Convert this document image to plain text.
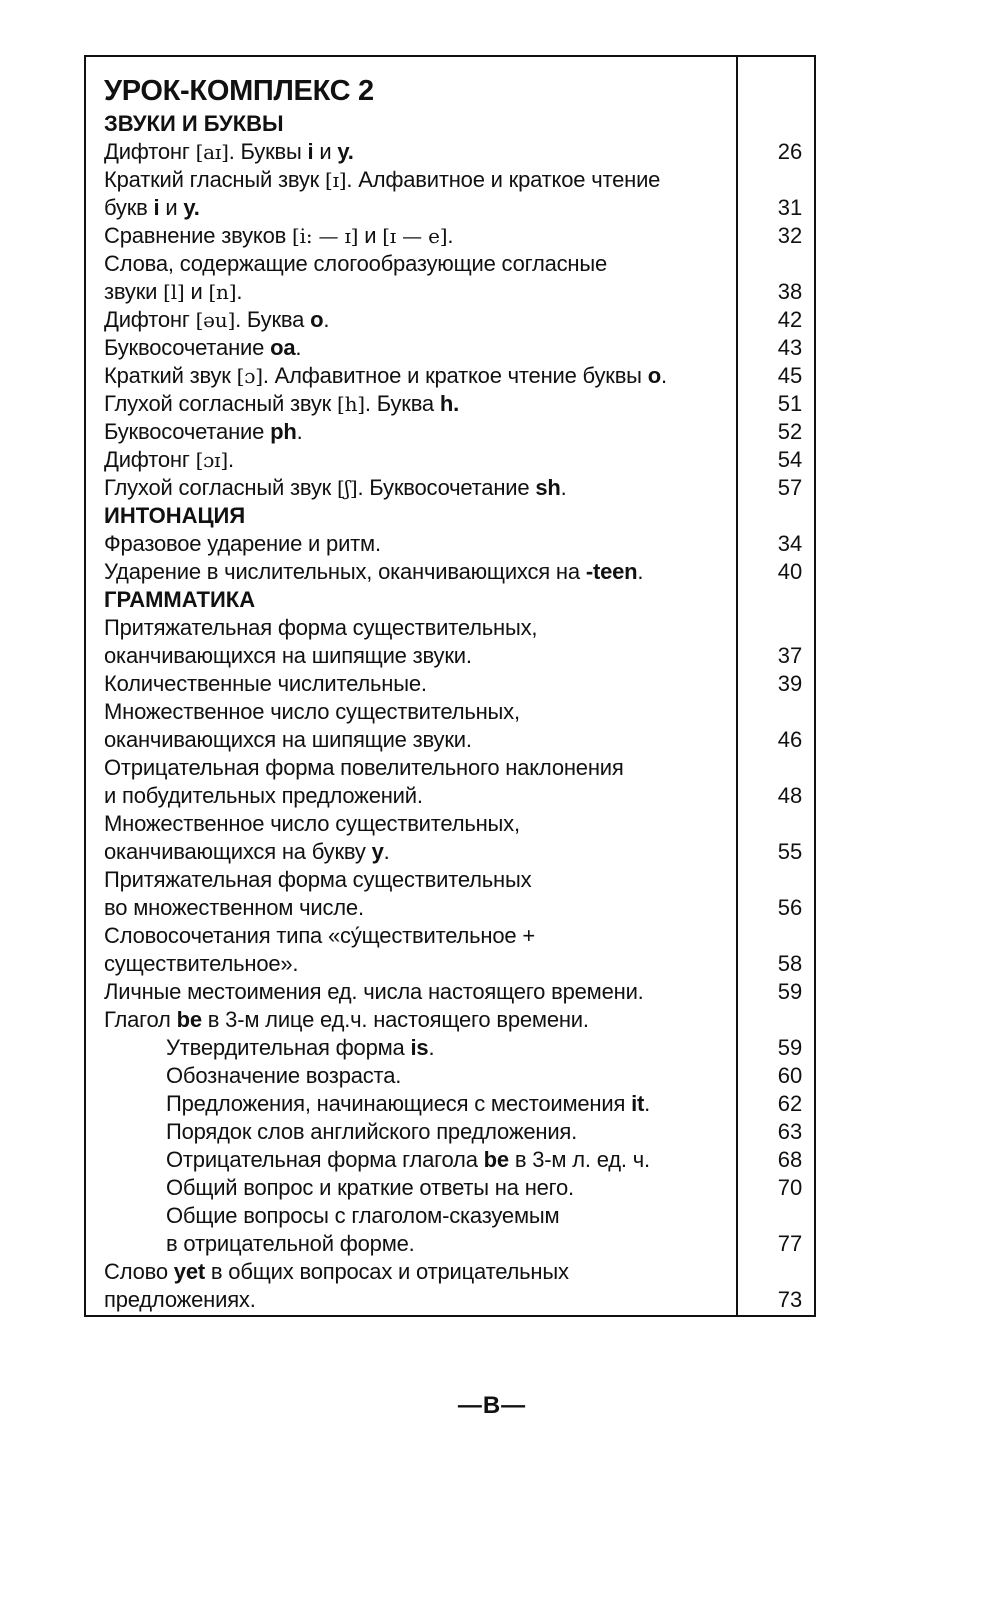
УРОК-КОМПЛЕКС 2
ЗВУКИ И БУКВЫ
Дифтонг [aɪ]. Буквы i и y.	26
Краткий гласный звук [ɪ]. Алфавитное и краткое чтение
букв i и y.	31
Сравнение звуков [i: — ɪ] и [ɪ — e].	32
Слова, содержащие слогообразующие согласные
звуки [l] и [n].	38
Дифтонг [əu]. Буква o.	42
Буквосочетание oa.	43
Краткий звук [ɔ]. Алфавитное и краткое чтение буквы o.	45
Глухой согласный звук [h]. Буква h.	51
Буквосочетание ph.	52
Дифтонг [ɔɪ].	54
Глухой согласный звук [ʃ]. Буквосочетание sh.	57
ИНТОНАЦИЯ
Фразовое ударение и ритм.	34
Ударение в числительных, оканчивающихся на -teen.	40
ГРАММАТИКА
Притяжательная форма существительных,
оканчивающихся на шипящие звуки.	37
Количественные числительные.	39
Множественное число существительных,
оканчивающихся на шипящие звуки.	46
Отрицательная форма повелительного наклонения
и побудительных предложений.	48
Множественное число существительных,
оканчивающихся на букву y.	55
Притяжательная форма существительных
во множественном числе.	56
Словосочетания типа «су́ществительное +
существительное».	58
Личные местоимения ед. числа настоящего времени.	59
Глагол be в 3-м лице ед.ч. настоящего времени.
Утвердительная форма is.	59
Обозначение возраста.	60
Предложения, начинающиеся с местоимения it.	62
Порядок слов английского предложения.	63
Отрицательная форма глагола be в 3-м л. ед. ч.	68
Общий вопрос и краткие ответы на него.	70
Общие вопросы с глаголом-сказуемым
в отрицательной форме.	77
Слово yet в общих вопросах и отрицательных
предложениях.	73
—В—
